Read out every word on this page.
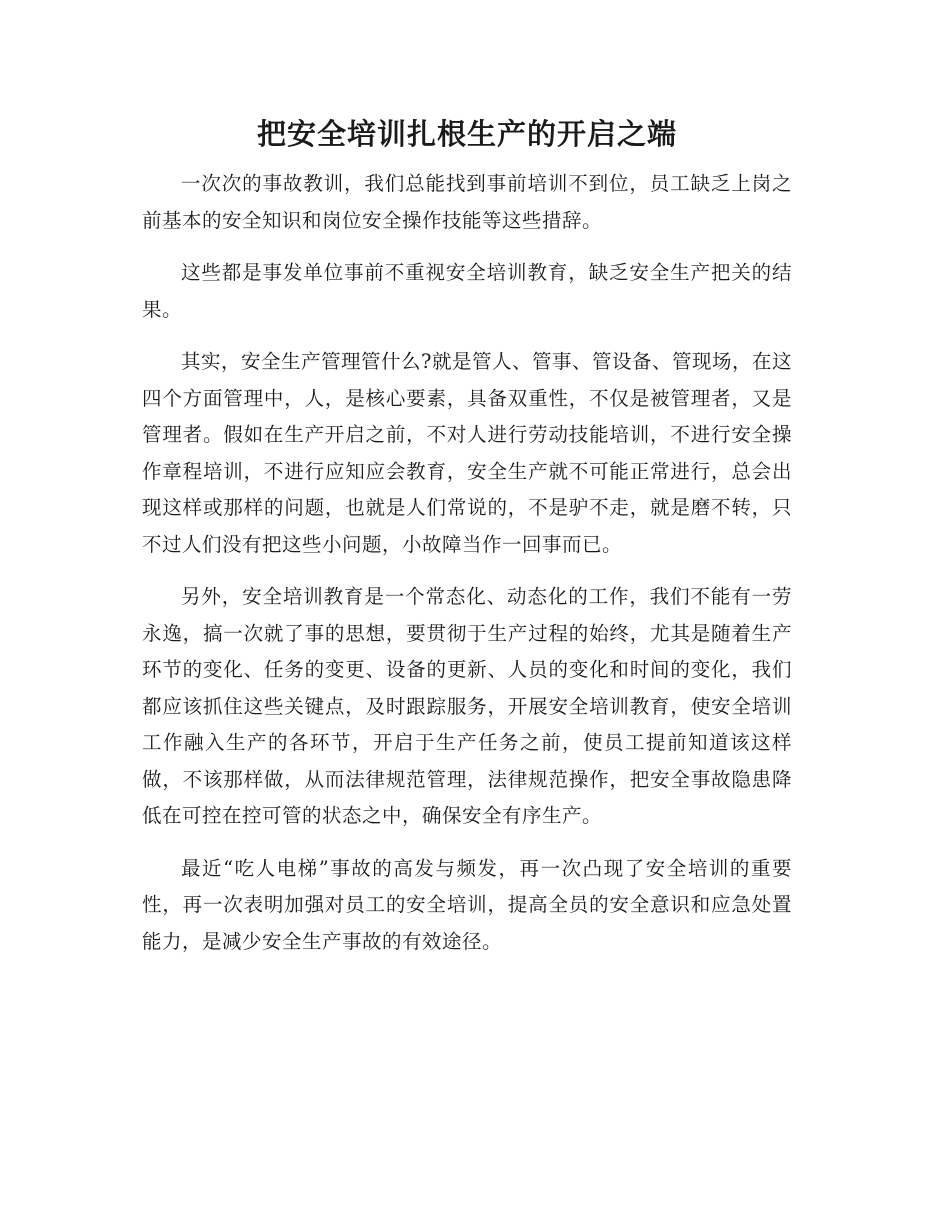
把安全培训扎根生产的开启之端

一次次的事故教训，我们总能找到事前培训不到位，员工缺乏上岗之前基本的安全知识和岗位安全操作技能等这些措辞。

这些都是事发单位事前不重视安全培训教育，缺乏安全生产把关的结果。

其实，安全生产管理管什么?就是管人、管事、管设备、管现场，在这四个方面管理中，人，是核心要素，具备双重性，不仅是被管理者，又是管理者。假如在生产开启之前，不对人进行劳动技能培训，不进行安全操作章程培训，不进行应知应会教育，安全生产就不可能正常进行，总会出现这样或那样的问题，也就是人们常说的，不是驴不走，就是磨不转，只不过人们没有把这些小问题，小故障当作一回事而已。

另外，安全培训教育是一个常态化、动态化的工作，我们不能有一劳永逸，搞一次就了事的思想，要贯彻于生产过程的始终，尤其是随着生产环节的变化、任务的变更、设备的更新、人员的变化和时间的变化，我们都应该抓住这些关键点，及时跟踪服务，开展安全培训教育，使安全培训工作融入生产的各环节，开启于生产任务之前，使员工提前知道该这样做，不该那样做，从而法律规范管理，法律规范操作，把安全事故隐患降低在可控在控可管的状态之中，确保安全有序生产。

最近“吃人电梯”事故的高发与频发，再一次凸现了安全培训的重要性，再一次表明加强对员工的安全培训，提高全员的安全意识和应急处置能力，是减少安全生产事故的有效途径。
